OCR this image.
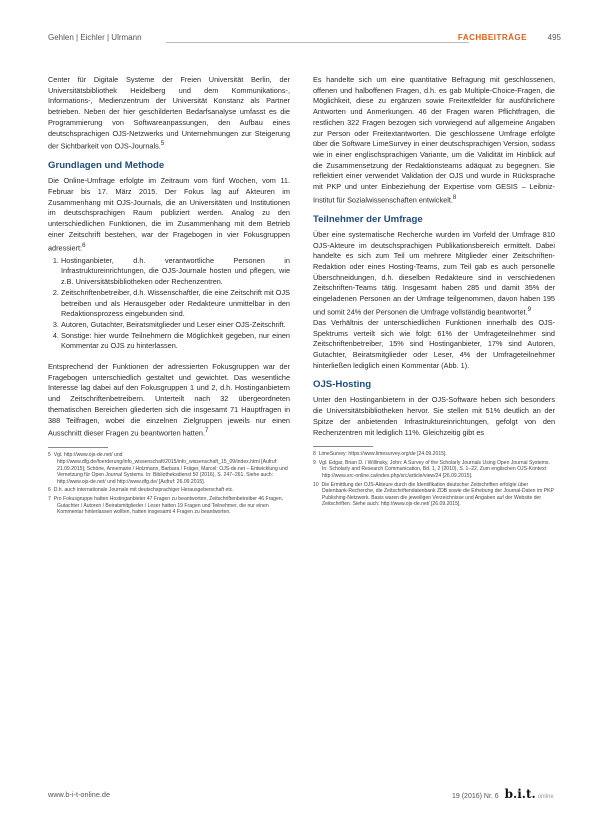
Gehlen | Eichler | Ulrmann	FACHBEITRÄGE	495

Center für Digitale Systeme der Freien Universität Berlin, der Universitätsbibliothek Heidelberg und dem Kommunikations-, Informations-, Medienzentrum der Universität Konstanz als Partner betrieben. Neben der hier geschilderten Bedarfsanalyse umfasst es die Programmierung von Softwareanpassungen, den Aufbau eines deutschsprachigen OJS-Netzwerks und Unternehmungen zur Steigerung der Sichtbarkeit von OJS-Journals.$^5$

Grundlagen und Methode

Die Online-Umfrage erfolgte im Zeitraum vom fünf Wochen, vom 11. Februar bis 17. März 2015. Der Fokus lag auf Akteuren im Zusammenhang mit OJS-Journals, die an Universitäten und Institutionen im deutschsprachigen Raum publiziert werden. Analog zu den unterschiedlichen Funktionen, die im Zusammenhang mit dem Betrieb einer Zeitschrift bestehen, war der Fragebogen in vier Fokusgruppen adressiert:$^6$

1. Hostinganbieter, d.h. verantwortliche Personen in Infrastruktureinrichtungen, die OJS-Journale hosten und pflegen, wie z.B. Universitätsbibliotheken oder Rechenzentren.
2. Zeitschriftenbetreiber, d.h. Wissenschaftler, die eine Zeitschrift mit OJS betreiben und als Herausgeber oder Redakteure unmittelbar in den Redaktionsprozess eingebunden sind.
3. Autoren, Gutachter, Beiratsmitglieder und Leser einer OJS-Zeitschrift.
4. Sonstige: hier wurde Teilnehmern die Möglichkeit gegeben, nur einen Kommentar zu OJS zu hinterlassen.

Entsprechend der Funktionen der adressierten Fokusgruppen war der Fragebogen unterschiedlich gestaltet und gewichtet. Das wesentliche Interesse lag dabei auf den Fokusgruppen 1 und 2, d.h. Hostinganbietern und Zeitschriftenbetreibern. Unterteilt nach 32 übergeordneten thematischen Bereichen gliederten sich die insgesamt 71 Hauptfragen in 388 Teilfragen, wobei die einzelnen Zielgruppen jeweils nur einen Ausschnitt dieser Fragen zu beantworten hatten.$^7$

5 Vgl. http://www.ojs-de.net/ und http://www.dfg.de/foerderung/info_wissenschaft/2015/info_wissenschaft_15_09/index.html [Aufruf: 21.09.2015]; Schöne, Annemarie / Holzmann, Barbara / Fräger, Marcel: OJS-de.net – Entwicklung und Vernetzung für Open Journal Systems. In: Bibliotheksdienst 50 (2016), S. 247–261. Siehe auch: http://www.ojs-de.net/ und http://www.dfg.de/ [Aufruf: 26.09.2015].
6 D.h. auch internationale Journale mit deutschsprachiger Herausgeberschaft etc.
7 Pro Fokusgruppe hatten Hostinganbieter 47 Fragen zu beantworten, Zeitschriftenbetreiber 46 Fragen, Gutachter / Autoren / Beiratsmitglieder / Leser hatten 19 Fragen und Teilnehmer, die nur einen Kommentar hinterlassen wollten, hatten insgesamt 4 Fragen zu beantworten.

Es handelte sich um eine quantitative Befragung mit geschlossenen, offenen und halboffenen Fragen, d.h. es gab Multiple-Choice-Fragen, die Möglichkeit, diese zu ergänzen sowie Freitextfelder für ausführlichere Antworten und Anmerkungen. 46 der Fragen waren Pflichtfragen, die restlichen 322 Fragen bezogen sich vorwiegend auf allgemeine Angaben zur Person oder Freitextantworten. Die geschlossene Umfrage erfolgte über die Software LimeSurvey in einer deutschsprachigen Version, sodass wie in einer englischsprachigen Variante, um die Validität im Hinblick auf die Zusammensetzung der Redaktionsteams adäquat zu begegnen. Sie reflektiert einer verwendet Validation der OJS und wurde in Rücksprache mit PKP und unter Einbeziehung der Expertise vom GESIS – Leibniz-Institut für Sozialwissenschaften entwickelt.$^8$

Teilnehmer der Umfrage

Über eine systematische Recherche wurden im Vorfeld der Umfrage 810 OJS-Akteure im deutschsprachigen Publikationsbereich ermittelt. Dabei handelte es sich zum Teil um mehrere Mitglieder einer Zeitschriften-Redaktion oder eines Hosting-Teams, zum Teil gab es auch personelle Überschneidungen, d.h. dieselben Redakteure sind in verschiedenen Zeitschriften-Teams tätig. Insgesamt haben 285 und damit 35% der eingeladenen Personen an der Umfrage teilgenommen, davon haben 195 und somit 24% der Personen die Umfrage vollständig beantwortet.$^9$

Das Verhältnis der unterschiedlichen Funktionen innerhalb des OJS-Spektrums verteilt sich wie folgt: 61% der Umfrageteilnehmer sind Zeitschriftenbetreiber, 15% sind Hostinganbieter, 17% sind Autoren, Gutachter, Beiratsmitglieder oder Leser, 4% der Umfrageteilnehmer hinterließen lediglich einen Kommentar (Abb. 1).

OJS-Hosting

Unter den Hostinganbietern in der OJS-Software heben sich besonders die Universitätsbibliotheken hervor. Sie stellen mit 51% deutlich an der Spitze der anbietenden Infrastruktureinrichtungen, gefolgt von den Rechenzentren mit lediglich 11%. Gleichzeitig gibt es

8 LimeSurvey: https://www.limesurvey.org/de [24.09.2015].
9 Vgl. Edgar, Brian D. / Willinsky, John: A Survey of the Scholarly Journals Using Open Journal Systems. In: Scholarly and Research Communication, Bd. 1, 2 (2010), S. 1–22. Zum englischen OJS-Kontext: http://www.src-online.ca/index.php/src/article/view/24 [26.09.2015].
10 Die Ermittlung der OJS-Akteure durch die Identifikation deutscher Zeitschriften erfolgte über Datenbank-Recherche, die Zeitschriftendatenbank ZDB sowie die Erhebung der Journal-Daten im PKP Publishing-Netzwerk. Basis waren die jeweiligen Verzeichnisse und Angaben auf der Website der Zeitschriften. Siehe auch: http://www.ojs-de.net/ [26.09.2015].
www.b-i-t-online.de	19 (2016) Nr. 6 b.i.t. online
